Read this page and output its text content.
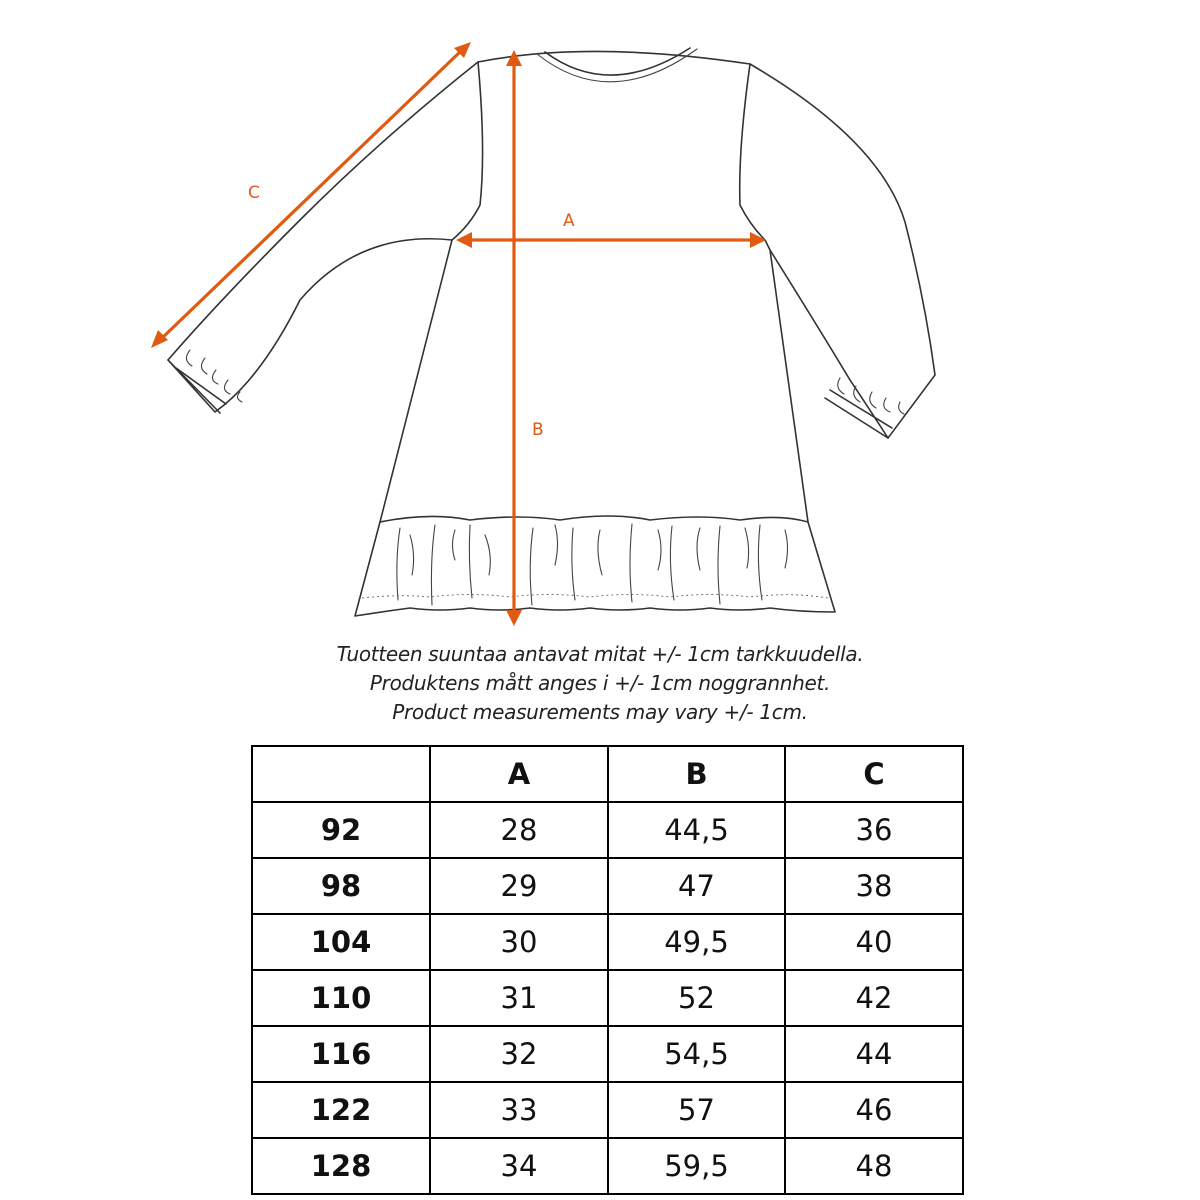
A
B
C
Tuotteen suuntaa antavat mitat +/- 1cm tarkkuudella.
Produktens mått anges i +/- 1cm noggrannhet.
Product measurements may vary +/- 1cm.
	A	B	C
92	28	44,5	36
98	29	47	38
104	30	49,5	40
110	31	52	42
116	32	54,5	44
122	33	57	46
128	34	59,5	48
